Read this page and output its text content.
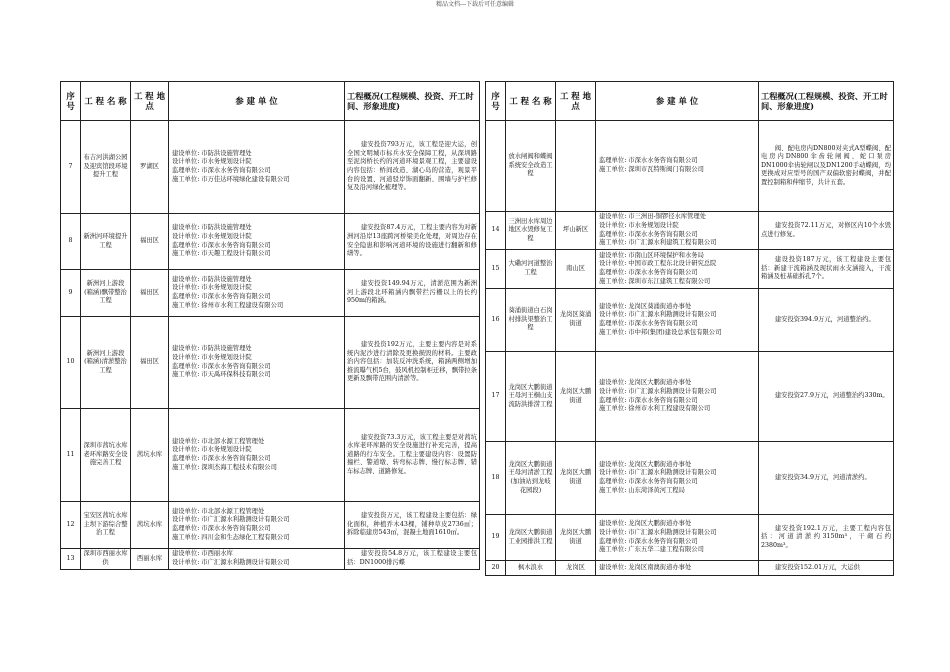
精品文档---下载后可任意编辑
序号	工 程 名 称	工 程 地 点	参 建 单 位	工程概况(工程规模、投资、开工时间、形象进度)
7	布吉河洪湖公园及迎宾馆段环境提升工程	罗湖区	建设单位: 市防洪设施管理处
设计单位: 市水务规划设计院
监理单位: 市深水水务咨询有限公司
施工单位: 市万佳达环境绿化建设有限公司	建安投资793万元，该工程是迎大运，创全国文明城市标兵水安全保障工程，从深圳路至泥岗桥长约的河道环境景观工程，主要建设内容包括：桥间改造、湖心岛的营造，观景平台的设置、河道驳岸饰面翻新、围墙与护栏修复及沿河绿化梳理等。

8	新洲河环境提升工程	福田区	建设单位: 市防洪设施管理处
设计单位: 市水务规划设计院
监理单位: 市深水水务咨询有限公司
施工单位: 市天趣工程设计有限公司	建安投资87.4万元，工程主要内容为对新洲河沿岸13座跨河桥梁美化处理，对周边存在安全隐患和影响河道环境的设施进行翻新和修缮等。

9	新洲河上游段(箱涵)飘带整治工程	福田区	建设单位: 市防洪设施管理处
设计单位: 市水务规划设计院
监理单位: 市深水水务咨询有限公司
施工单位: 徐州市水利工程建设有限公司	建安投资149.94万元，清淤范围为新洲河上游段北环箱涵内飘带拦污栅以上的长约950m的箱涵。

10	新洲河上游段(箱涵)清淤整治工程	福田区	建设单位: 市防洪设施管理处
设计单位: 市水务规划设计院
监理单位: 市深水水务咨询有限公司
施工单位: 市天禹环保科技有限公司	建安投资192万元，主要主要内容是对系统内泥沙进行清除及更换损毁的材料。主要政治内容包括：加装反冲洗系统，箱涵两侧增加推流曝气机5台，鼓风机控制柜迁移，飘带拉条更新及飘带范围内清淤等。

11	深圳市茜坑水库老环库路安全设施完善工程	茜坑水库	建设单位: 市北部水源工程管理处
设计单位: 市水务规划设计院
监理单位: 市深水水务咨询有限公司
施工单位: 深圳杰海工程技术有限公司	建安投资73.3万元，该工程主要是对茜坑水库老环库路的安全设施进行补充完善，提高道路的行车安全。工程主要建设内容：设置防撞栏、警道墩、转弯标志牌、慢行标志牌、错车标志牌、道路修复。

12	宝安区茜坑水库主坝下游综合整治工程	茜坑水库	建设单位: 市北部水源工程管理处
设计单位: 市广汇源水利勘测设计有限公司
监理单位: 市深水水务咨询有限公司
施工单位: 四川金和生态绿化工程有限公司	建安投资万元，该工程建设主要包括：绿化面积，种植乔木43棵，铺种草皮2736㎡；拆除临建房543㎡，混凝土地面1610㎡。

13	深圳市西丽水库供	西丽水库	建设单位: 市西丽水库
设计单位: 市广汇源水利勘测设计有限公司	建安投资54.8万元，该工程建设主要包括：DN1000排污蝶
序号	工 程 名 称	工 程 地 点	参 建 单 位	工程概况(工程规模、投资、开工时间、形象进度)
	放水闸阀和蝶阀系统安全改造工程		监理单位: 市深水水务咨询有限公司
施工单位: 深圳市瓦特斯阀门有限公司	阀、配电房内DN800对夹式A型蝶阀、配电房内DN800伞齿轮闸阀、蛇口泵房DN1000伞齿轮闸以及DN1200手动蝶阀，均更换成对应型号的国产双偏软密封蝶阀，并配置控制箱和伸缩节，共计五套。

14	三洲田水库周边地区水毁修复工程	坪山新区	建设单位: 市三洲田-铜锣径水库管理处
设计单位: 市水务规划设计院
监理单位: 市深水水务咨询有限公司
施工单位: 市广汇源水利建筑工程有限公司	建安投资72.11万元，对修区内10个水毁点进行修复。

15	大磡河河道整治工程	南山区	建设单位: 市南山区环境保护和水务局
设计单位: 中国市政工程东北设计研究总院
监理单位: 市深水水务咨询有限公司
施工单位: 深圳市东江建筑工程有限公司	建设投资187万元，该工程建设主要包括：新建干流箱涵及现状雨水支涵接入，干流箱涵及桩基础拆孔7个。

16	葵涌街道白石岗村排洪渠整治工程	龙岗区葵涌街道	建设单位: 龙岗区葵涌街道办事处
设计单位: 市广汇源水利勘测设计有限公司
监理单位: 市深水水务咨询有限公司
施工单位: 市中邦(集团)建设总承包有限公司	建安投资394.9万元，河道整治约。

17	龙岗区大鹏街道王母河王桐山支流防洪排涝工程	龙岗区大鹏街道	建设单位: 龙岗区大鹏街道办事处
设计单位: 市广汇源水利勘测设计有限公司
监理单位: 市深水水务咨询有限公司
施工单位: 徐州市水利工程建设有限公司	建安投资27.9万元，河道整治约330m。

18	龙岗区大鹏街道王母河清淤工程(加油站到龙岐花园段)	龙岗区大鹏街道	建设单位: 龙岗区大鹏街道办事处
设计单位: 市广汇源水利勘测设计有限公司
监理单位: 市深水水务咨询有限公司
施工单位: 山东菏泽黄河工程局	建安投资34.9万元，河道清淤约。

19	龙岗区大鹏街道工业园排洪工程	龙岗区大鹏街道	建设单位: 龙岗区大鹏街道办事处
设计单位: 市广汇源水利勘测设计有限公司
监理单位: 市深水水务咨询有限公司
施工单位: 广东五华二建工程有限公司	建安投资192.1万元，主要工程内容包括：河道清淤约3150m³，干砌石约2380m³。

20	枫木浪水	龙岗区	建设单位: 龙岗区南澳街道办事处	建安投资152.01万元，大运供
